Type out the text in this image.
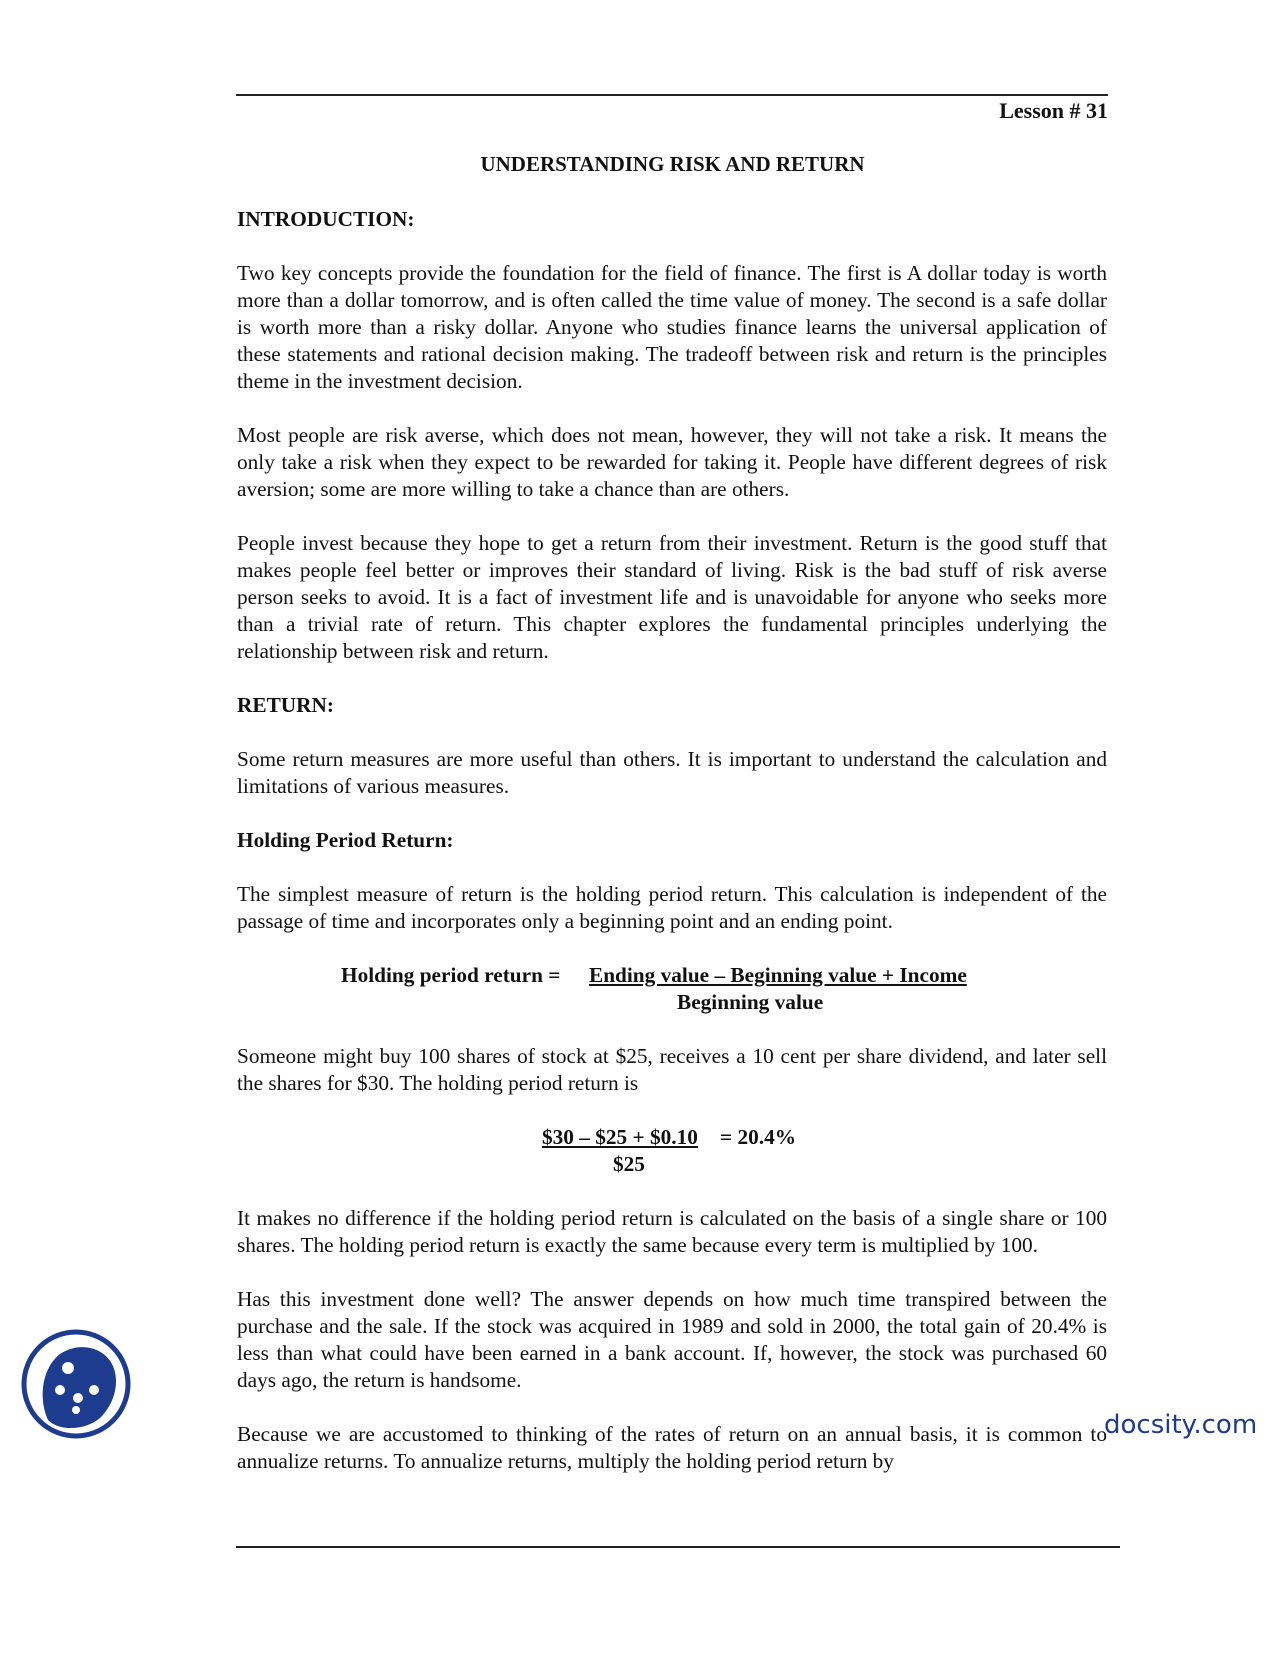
Lesson # 31
UNDERSTANDING RISK AND RETURN
INTRODUCTION:

Two key concepts provide the foundation for the field of finance. The first is A dollar today is worth more than a dollar tomorrow, and is often called the time value of money. The second is a safe dollar is worth more than a risky dollar. Anyone who studies finance learns the universal application of these statements and rational decision making. The tradeoff between risk and return is the principles theme in the investment decision.

Most people are risk averse, which does not mean, however, they will not take a risk. It means the only take a risk when they expect to be rewarded for taking it. People have different degrees of risk aversion; some are more willing to take a chance than are others.

People invest because they hope to get a return from their investment. Return is the good stuff that makes people feel better or improves their standard of living. Risk is the bad stuff of risk averse person seeks to avoid. It is a fact of investment life and is unavoidable for anyone who seeks more than a trivial rate of return. This chapter explores the fundamental principles underlying the relationship between risk and return.

RETURN:

Some return measures are more useful than others. It is important to understand the calculation and limitations of various measures.

Holding Period Return:

The simplest measure of return is the holding period return. This calculation is independent of the passage of time and incorporates only a beginning point and an ending point.

Holding period return = Ending value – Beginning value + Income
Beginning value

Someone might buy 100 shares of stock at $25, receives a 10 cent per share dividend, and later sell the shares for $30. The holding period return is

$30 – $25 + $0.10 = 20.4%
$25

It makes no difference if the holding period return is calculated on the basis of a single share or 100 shares. The holding period return is exactly the same because every term is multiplied by 100.

Has this investment done well? The answer depends on how much time transpired between the purchase and the sale. If the stock was acquired in 1989 and sold in 2000, the total gain of 20.4% is less than what could have been earned in a bank account. If, however, the stock was purchased 60 days ago, the return is handsome.

Because we are accustomed to thinking of the rates of return on an annual basis, it is common to annualize returns. To annualize returns, multiply the holding period return by

docsity.com
